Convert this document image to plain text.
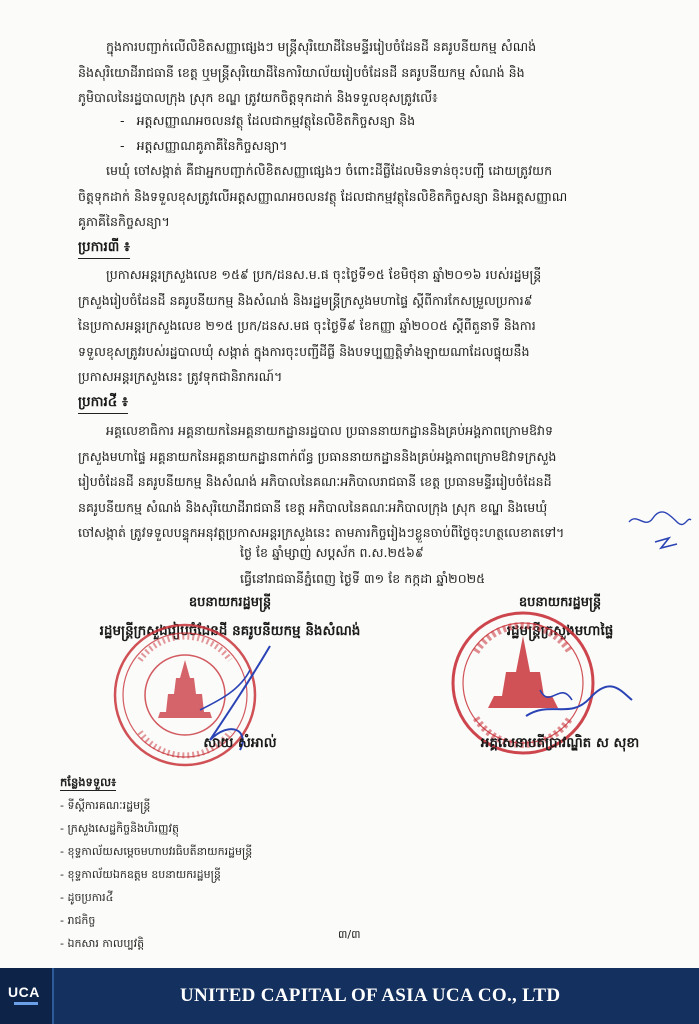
ក្នុងការបញ្ជាក់លើលិខិតសញ្ញាផ្សេងៗ មន្ត្រីសុរិយោដីនៃមន្ទីររៀបចំដែនដី នគរូបនីយកម្ម សំណង់
និងសុរិយោដីរាជធានី ខេត្ត ឬមន្ត្រីសុរិយោដីនៃការិយាល័យរៀបចំដែនដី នគរូបនីយកម្ម សំណង់ និង
ភូមិបាលនៃរដ្ឋបាលក្រុង ស្រុក ខណ្ឌ ត្រូវយកចិត្តទុកដាក់ និងទទួលខុសត្រូវលើ៖
-   អត្តសញ្ញាណអចលនវត្ថុ ដែលជាកម្មវត្ថុនៃលិខិតកិច្ចសន្យា និង
-   អត្តសញ្ញាណគូភាគីនៃកិច្ចសន្យា។
មេឃុំ ចៅសង្កាត់ គឺជាអ្នកបញ្ជាក់លិខិតសញ្ញាផ្សេងៗ ចំពោះដីធ្លីដែលមិនទាន់ចុះបញ្ជី ដោយត្រូវយក
ចិត្តទុកដាក់ និងទទួលខុសត្រូវលើអត្តសញ្ញាណអចលនវត្ថុ ដែលជាកម្មវត្ថុនៃលិខិតកិច្ចសន្យា និងអត្តសញ្ញាណ
គូភាគីនៃកិច្ចសន្យា។
ប្រការ៣ី ៖
ប្រកាសអន្តរក្រសួងលេខ ១៥៩ ប្រក/ដនស.ម.ផ ចុះថ្ងៃទី១៥ ខែមិថុនា ឆ្នាំ២០១៦ របស់រដ្ឋមន្ត្រី
ក្រសួងរៀបចំដែនដី នគរូបនីយកម្ម និងសំណង់ និងរដ្ឋមន្ត្រីក្រសួងមហាផ្ទៃ ស្តីពីការកែសម្រួលប្រការ៩
នៃប្រកាសអន្តរក្រសួងលេខ ២១៥ ប្រក/ដនស.មផ ចុះថ្ងៃទី៩ ខែកញ្ញា ឆ្នាំ២០០៥ ស្តីពីតួនាទី និងការ
ទទួលខុសត្រូវរបស់រដ្ឋបាលឃុំ សង្កាត់ ក្នុងការចុះបញ្ជីដីធ្លី និងបទប្បញ្ញត្តិទាំងឡាយណាដែលផ្ទុយនឹង
ប្រកាសអន្តរក្រសួងនេះ ត្រូវទុកជានិរាករណ៍។
ប្រការ៤ី ៖
អគ្គលេខាធិការ អគ្គនាយកនៃអគ្គនាយកដ្ឋានរដ្ឋបាល ប្រធាននាយកដ្ឋាននិងគ្រប់អង្គភាពក្រោមឱវាទ
ក្រសួងមហាផ្ទៃ អគ្គនាយកនៃអគ្គនាយកដ្ឋានពាក់ព័ន្ធ ប្រធាននាយកដ្ឋាននិងគ្រប់អង្គភាពក្រោមឱវាទក្រសួង
រៀបចំដែនដី នគរូបនីយកម្ម និងសំណង់ អភិបាលនៃគណៈអភិបាលរាជធានី ខេត្ត ប្រធានមន្ទីររៀបចំដែនដី
នគរូបនីយកម្ម សំណង់ និងសុរិយោដីរាជធានី ខេត្ត អភិបាលនៃគណៈអភិបាលក្រុង ស្រុក ខណ្ឌ និងមេឃុំ
ចៅសង្កាត់ ត្រូវទទួលបន្ទុកអនុវត្តប្រកាសអន្តរក្រសួងនេះ តាមភារកិច្ចរៀងៗខ្លួនចាប់ពីថ្ងៃចុះហត្ថលេខាតទៅ។
ថ្ងៃ ខែ ឆ្នាំម្សាញ់ សប្តស័ក ព.ស.២៥៦៩
ធ្វើនៅរាជធានីភ្នំពេញ ថ្ងៃទី ៣១ ខែ កក្កដា ឆ្នាំ២០២៥
ឧបនាយករដ្ឋមន្ត្រី
រដ្ឋមន្ត្រីក្រសួងរៀបចំដែនដី នគរូបនីយកម្ម និងសំណង់
ឧបនាយករដ្ឋមន្ត្រី
រដ្ឋមន្ត្រីក្រសួងមហាផ្ទៃ
សាយ សំអាល់	អគ្គសេនាបតីប្រាវណ្ឌិត ស សុខា
កន្លែងទទួល៖
- ទីស្តីការគណៈរដ្ឋមន្ត្រី
- ក្រសួងសេដ្ឋកិច្ចនិងហិរញ្ញវត្ថុ
- ខុទ្ទកាល័យសម្តេចមហាបវរធិបតីនាយករដ្ឋមន្ត្រី
- ខុទ្ទកាល័យឯកឧត្តម ឧបនាយករដ្ឋមន្ត្រី
- ដូចប្រការ៤ី
- រាជកិច្ច
- ឯកសារ កាលប្បវត្តិ
៣/៣
UCA	UNITED CAPITAL OF ASIA UCA CO., LTD
